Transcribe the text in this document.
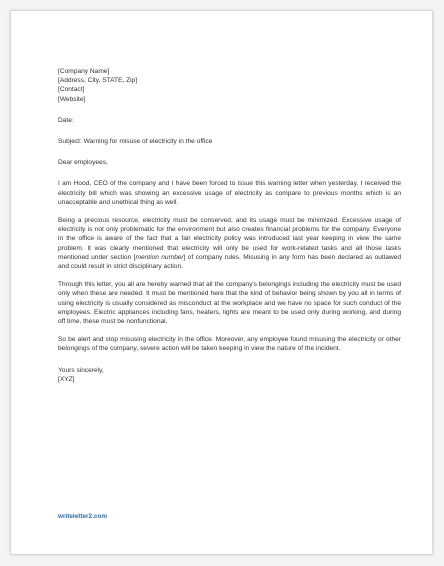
[Company Name]
[Address, City, STATE, Zip]
[Contact]
[Website]
Date:
Subject: Warning for misuse of electricity in the office
Dear employees,

I am Hood, CEO of the company and I have been forced to issue this warning letter when yesterday, I received the electricity bill which was showing an excessive usage of electricity as compare to previous months which is an unacceptable and unethical thing as well.

Being a precious resource, electricity must be conserved, and its usage must be minimized. Excessive usage of electricity is not only problematic for the environment but also creates financial problems for the company. Everyone in the office is aware of the fact that a fair electricity policy was introduced last year keeping in view the same problem. It was clearly mentioned that electricity will only be used for work-related tasks and all those tasks mentioned under section [mention number] of company rules. Misusing in any form has been declared as outlawed and could result in strict disciplinary action.

Through this letter, you all are hereby warned that all the company's belongings including the electricity must be used only when these are needed. It must be mentioned here that the kind of behavior being shown by you all in terms of using electricity is usually considered as misconduct at the workplace and we have no space for such conduct of the employees. Electric appliances including fans, heaters, lights are meant to be used only during working, and during off time, these must be nonfunctional.

So be alert and stop misusing electricity in the office. Moreover, any employee found misusing the electricity or other belongings of the company, severe action will be taken keeping in view the nature of the incident.

Yours sincerely,
[XYZ]
writeletter2.com
